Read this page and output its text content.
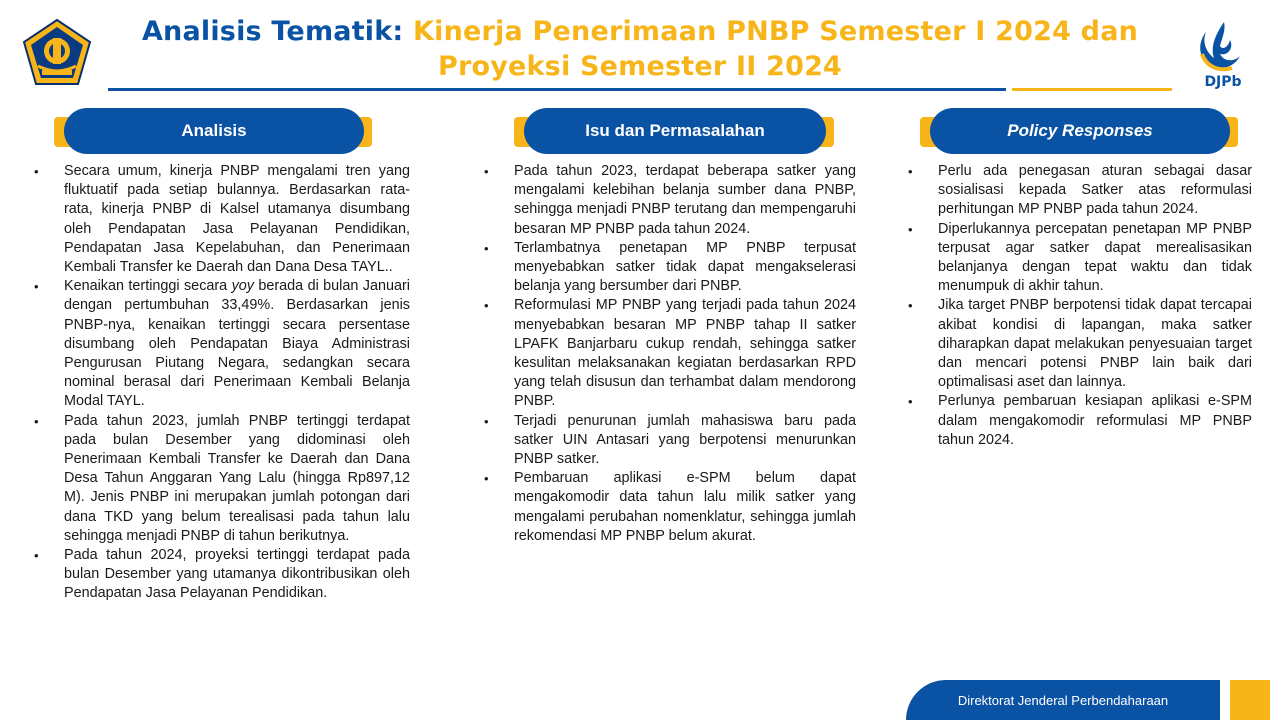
Analisis Tematik: Kinerja Penerimaan PNBP Semester I 2024 dan
Proyeksi Semester II 2024	DJPb
Analisis	Isu dan Permasalahan	Policy Responses
• Secara umum, kinerja PNBP mengalami tren yang fluktuatif pada setiap bulannya. Berdasarkan rata-rata, kinerja PNBP di Kalsel utamanya disumbang oleh Pendapatan Jasa Pelayanan Pendidikan, Pendapatan Jasa Kepelabuhan, dan Penerimaan Kembali Transfer ke Daerah dan Dana Desa TAYL..
• Kenaikan tertinggi secara yoy berada di bulan Januari dengan pertumbuhan 33,49%. Berdasarkan jenis PNBP-nya, kenaikan tertinggi secara persentase disumbang oleh Pendapatan Biaya Administrasi Pengurusan Piutang Negara, sedangkan secara nominal berasal dari Penerimaan Kembali Belanja Modal TAYL.
• Pada tahun 2023, jumlah PNBP tertinggi terdapat pada bulan Desember yang didominasi oleh Penerimaan Kembali Transfer ke Daerah dan Dana Desa Tahun Anggaran Yang Lalu (hingga Rp897,12 M). Jenis PNBP ini merupakan jumlah potongan dari dana TKD yang belum terealisasi pada tahun lalu sehingga menjadi PNBP di tahun berikutnya.
• Pada tahun 2024, proyeksi tertinggi terdapat pada bulan Desember yang utamanya dikontribusikan oleh Pendapatan Jasa Pelayanan Pendidikan.
• Pada tahun 2023, terdapat beberapa satker yang mengalami kelebihan belanja sumber dana PNBP, sehingga menjadi PNBP terutang dan mempengaruhi besaran MP PNBP pada tahun 2024.
• Terlambatnya penetapan MP PNBP terpusat menyebabkan satker tidak dapat mengakselerasi belanja yang bersumber dari PNBP.
• Reformulasi MP PNBP yang terjadi pada tahun 2024 menyebabkan besaran MP PNBP tahap II satker LPAFK Banjarbaru cukup rendah, sehingga satker kesulitan melaksanakan kegiatan berdasarkan RPD yang telah disusun dan terhambat dalam mendorong PNBP.
• Terjadi penurunan jumlah mahasiswa baru pada satker UIN Antasari yang berpotensi menurunkan PNBP satker.
• Pembaruan aplikasi e-SPM belum dapat mengakomodir data tahun lalu milik satker yang mengalami perubahan nomenklatur, sehingga jumlah rekomendasi MP PNBP belum akurat.
• Perlu ada penegasan aturan sebagai dasar sosialisasi kepada Satker atas reformulasi perhitungan MP PNBP pada tahun 2024.
• Diperlukannya percepatan penetapan MP PNBP terpusat agar satker dapat merealisasikan belanjanya dengan tepat waktu dan tidak menumpuk di akhir tahun.
• Jika target PNBP berpotensi tidak dapat tercapai akibat kondisi di lapangan, maka satker diharapkan dapat melakukan penyesuaian target dan mencari potensi PNBP lain baik dari optimalisasi aset dan lainnya.
• Perlunya pembaruan kesiapan aplikasi e-SPM dalam mengakomodir reformulasi MP PNBP tahun 2024.
Direktorat Jenderal Perbendaharaan
